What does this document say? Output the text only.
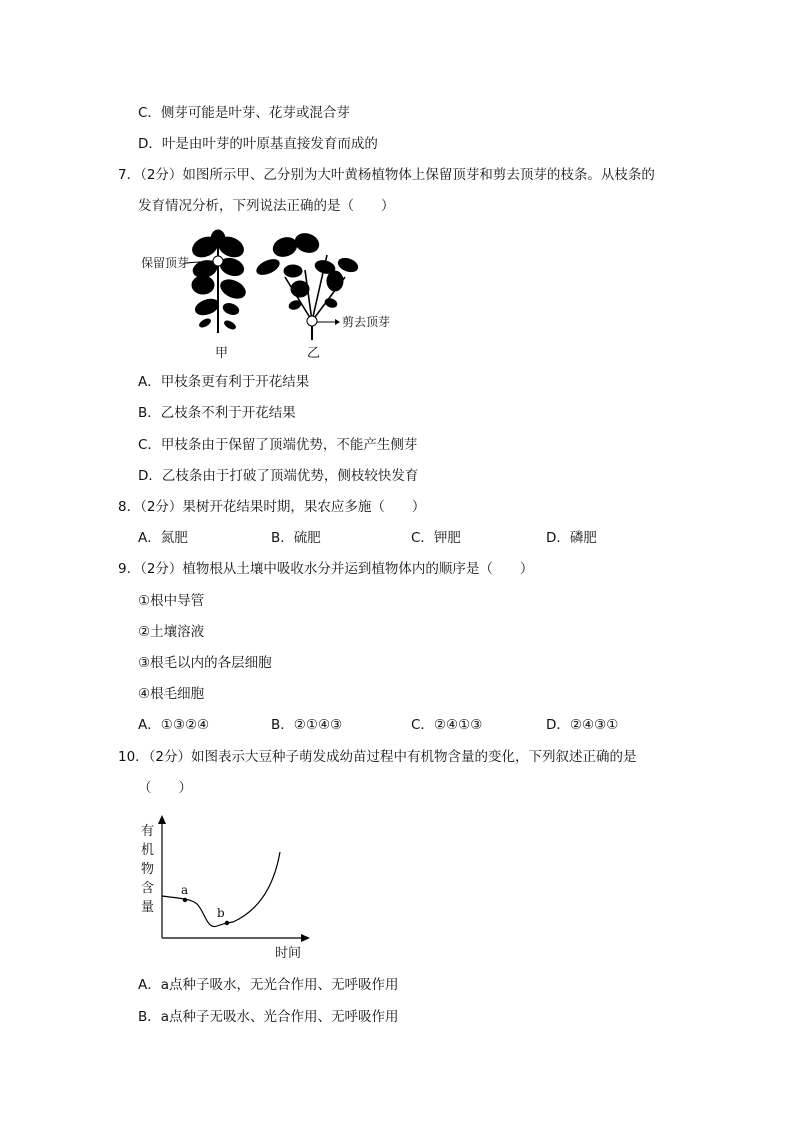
C．侧芽可能是叶芽、花芽或混合芽
D．叶是由叶芽的叶原基直接发育而成的
7．（2分）如图所示甲、乙分别为大叶黄杨植物体上保留顶芽和剪去顶芽的枝条。从枝条的
发育情况分析，下列说法正确的是（　　）
保留顶芽
剪去顶芽
甲	乙
A．甲枝条更有利于开花结果
B．乙枝条不利于开花结果
C．甲枝条由于保留了顶端优势，不能产生侧芽
D．乙枝条由于打破了顶端优势，侧枝较快发育
8．（2分）果树开花结果时期，果农应多施（　　）
A．氮肥	B．硫肥	C．钾肥	D．磷肥
9．（2分）植物根从土壤中吸收水分并运到植物体内的顺序是（　　）
①根中导管
②土壤溶液
③根毛以内的各层细胞
④根毛细胞
A．①③②④	B．②①④③	C．②④①③	D．②④③①
10．（2分）如图表示大豆种子萌发成幼苗过程中有机物含量的变化，下列叙述正确的是
（　　）
有
机
物
含
量
时间
a
b
A．a点种子吸水，无光合作用、无呼吸作用
B．a点种子无吸水、光合作用、无呼吸作用
